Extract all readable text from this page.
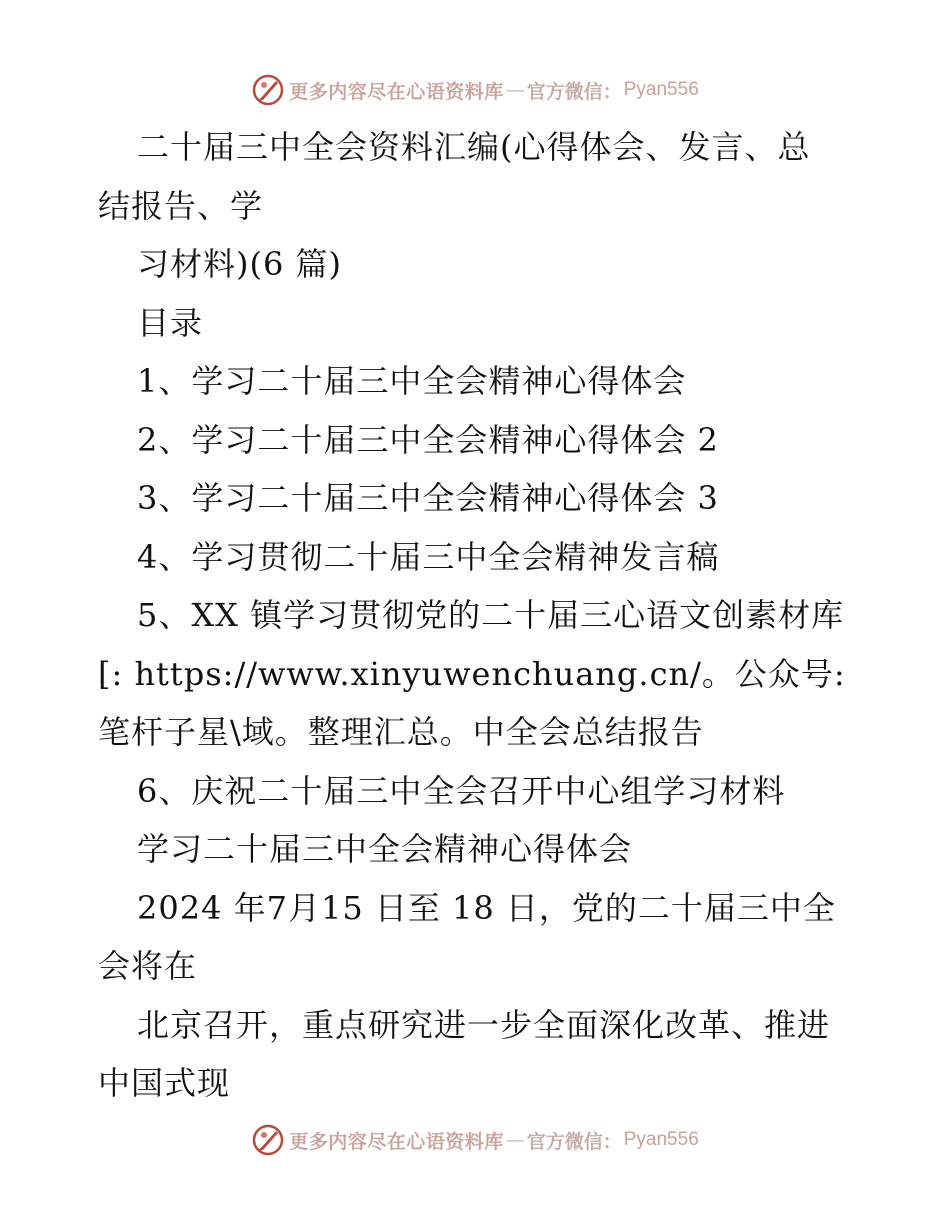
更多内容尽在心语资料库 — 官方微信： Pyan556
二十届三中全会资料汇编(心得体会、发言、总
结报告、学
习材料)(6 篇)
目录
1、学习二十届三中全会精神心得体会
2、学习二十届三中全会精神心得体会 2
3、学习二十届三中全会精神心得体会 3
4、学习贯彻二十届三中全会精神发言稿
5、XX 镇学习贯彻党的二十届三心语文创素材库
[: https://www.xinyuwenchuang.cn/。公众号:
笔杆子星\域。整理汇总。中全会总结报告
6、庆祝二十届三中全会召开中心组学习材料
学习二十届三中全会精神心得体会
2024 年7月15 日至 18 日，党的二十届三中全
会将在
北京召开，重点研究进一步全面深化改革、推进
中国式现
更多内容尽在心语资料库 — 官方微信： Pyan556
